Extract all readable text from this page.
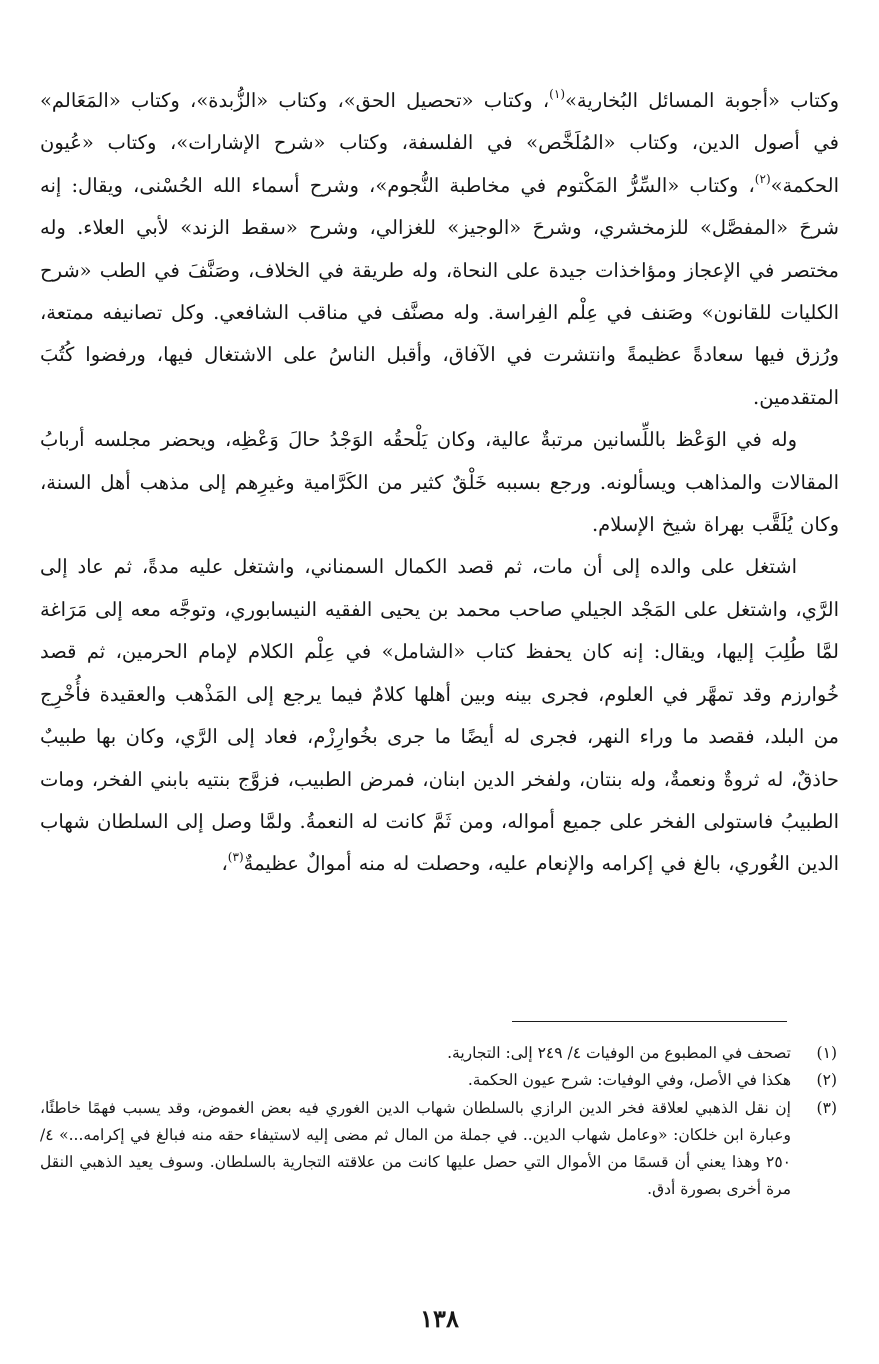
وكتاب «أجوبة المسائل البُخارية»$^{(١)}$، وكتاب «تحصيل الحق»، وكتاب «الزُّبدة»، وكتاب «المَعَالم» في أصول الدين، وكتاب «المُلَخَّص» في الفلسفة، وكتاب «شرح الإشارات»، وكتاب «عُيون الحكمة»$^{(٢)}$، وكتاب «السِّرُّ المَكْتوم في مخاطبة النُّجوم»، وشرح أسماء الله الحُسْنى، ويقال: إنه شرحَ «المفصَّل» للزمخشري، وشرحَ «الوجيز» للغزالي، وشرح «سقط الزند» لأبي العلاء. وله مختصر في الإعجاز ومؤاخذات جيدة على النحاة، وله طريقة في الخلاف، وصَنَّفَ في الطب «شرح الكليات للقانون» وصَنف في عِلْم الفِراسة. وله مصنَّف في مناقب الشافعي. وكل تصانيفه ممتعة، ورُزق فيها سعادةً عظيمةً وانتشرت في الآفاق، وأقبل الناسُ على الاشتغال فيها، ورفضوا كُتُبَ المتقدمين.

وله في الوَعْظ باللِّسانين مرتبةٌ عالية، وكان يَلْحقُه الوَجْدُ حالَ وَعْظِه، ويحضر مجلسه أربابُ المقالات والمذاهب ويسألونه. ورجع بسببه خَلْقٌ كثير من الكَرَّامية وغيرِهم إلى مذهب أهل السنة، وكان يُلَقَّب بهراة شيخ الإسلام.

اشتغل على والده إلى أن مات، ثم قصد الكمال السمناني، واشتغل عليه مدةً، ثم عاد إلى الرَّي، واشتغل على المَجْد الجيلي صاحب محمد بن يحيى الفقيه النيسابوري، وتوجَّه معه إلى مَرَاغة لمَّا طُلِبَ إليها، ويقال: إنه كان يحفظ كتاب «الشامل» في عِلْم الكلام لإمام الحرمين، ثم قصد خُوارزم وقد تمهَّر في العلوم، فجرى بينه وبين أهلها كلامٌ فيما يرجع إلى المَذْهب والعقيدة فأُخْرِج من البلد، فقصد ما وراء النهر، فجرى له أيضًا ما جرى بخُوارِزْم، فعاد إلى الرَّي، وكان بها طبيبٌ حاذقٌ، له ثروةٌ ونعمةٌ، وله بنتان، ولفخر الدين ابنان، فمرض الطبيب، فزوَّج بنتيه بابني الفخر، ومات الطبيبُ فاستولى الفخر على جميع أمواله، ومن ثَمَّ كانت له النعمةُ. ولمَّا وصل إلى السلطان شهاب الدين الغُوري، بالغ في إكرامه والإنعام عليه، وحصلت له منه أموالٌ عظيمةٌ$^{(٣)}$،

(١)
تصحف في المطبوع من الوفيات ٤/ ٢٤٩ إلى: التجارية.
(٢)
هكذا في الأصل، وفي الوفيات: شرح عيون الحكمة.
(٣)
إن نقل الذهبي لعلاقة فخر الدين الرازي بالسلطان شهاب الدين الغوري فيه بعض الغموض، وقد يسبب فهمًا خاطئًا، وعبارة ابن خلكان: «وعامل شهاب الدين.. في جملة من المال ثم مضى إليه لاستيفاء حقه منه فبالغ في إكرامه...» ٤/ ٢٥٠ وهذا يعني أن قسمًا من الأموال التي حصل عليها كانت من علاقته التجارية بالسلطان. وسوف يعيد الذهبي النقل مرة أخرى بصورة أدق.
١٣٨
